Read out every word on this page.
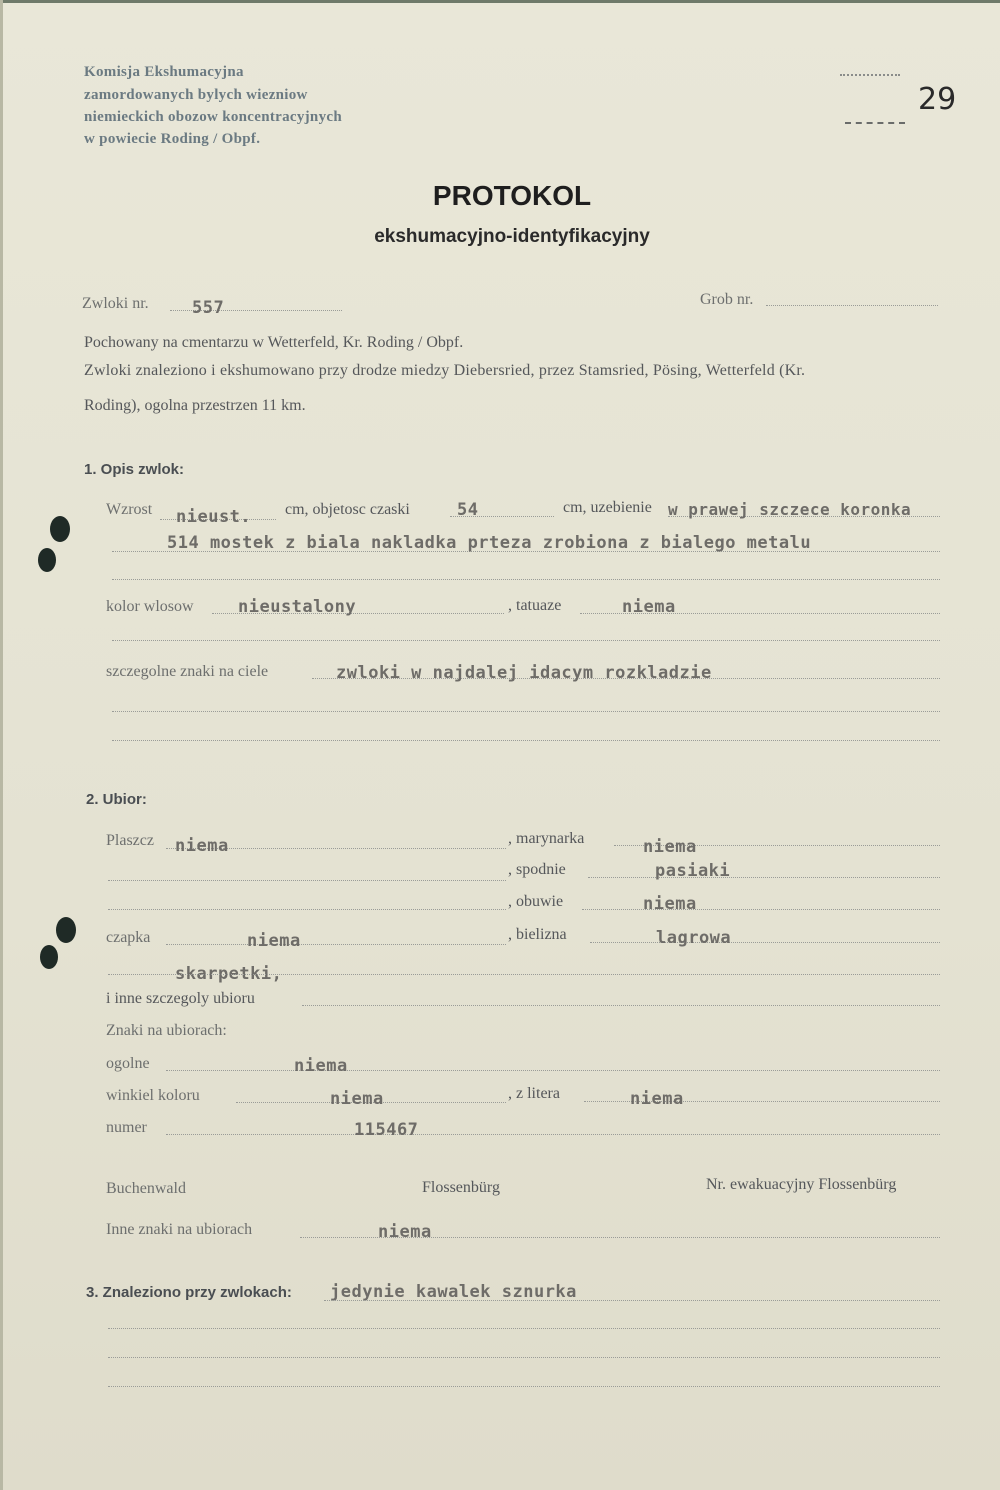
Komisja Ekshumacyjna
zamordowanych bylych wiezniow
niemieckich obozow koncentracyjnych
w powiecie Roding / Obpf.
29
PROTOKOL
ekshumacyjno-identyfikacyjny
Zwloki nr.	557	Grob nr.
Pochowany na cmentarzu w Wetterfeld, Kr. Roding / Obpf.
Zwloki znaleziono i ekshumowano przy drodze miedzy Diebersried, przez Stamsried, Pösing, Wetterfeld (Kr.
Roding), ogolna przestrzen 11 km.
1. Opis zwlok:
Wzrost nieust. cm, objetosc czaski	54	cm, uzebienie w prawej szczece koronka
514 mostek z biala nakladka prteza zrobiona z bialego metalu
kolor wlosow	nieustalony	, tatuaze	niema
szczegolne znaki na ciele	zwloki w najdalej idacym rozkladzie
2. Ubior:
Plaszcz niema	, marynarka	niema
, spodnie	pasiaki
, obuwie	niema
czapka	niema	, bielizna	lagrowa
skarpetki,
i inne szczegoly ubioru
Znaki na ubiorach:
ogolne	niema
winkiel koloru	niema	, z litera	niema
numer	115467
Buchenwald	Flossenbürg	Nr. ewakuacyjny Flossenbürg
Inne znaki na ubiorach	niema
3. Znaleziono przy zwlokach: jedynie kawalek sznurka
